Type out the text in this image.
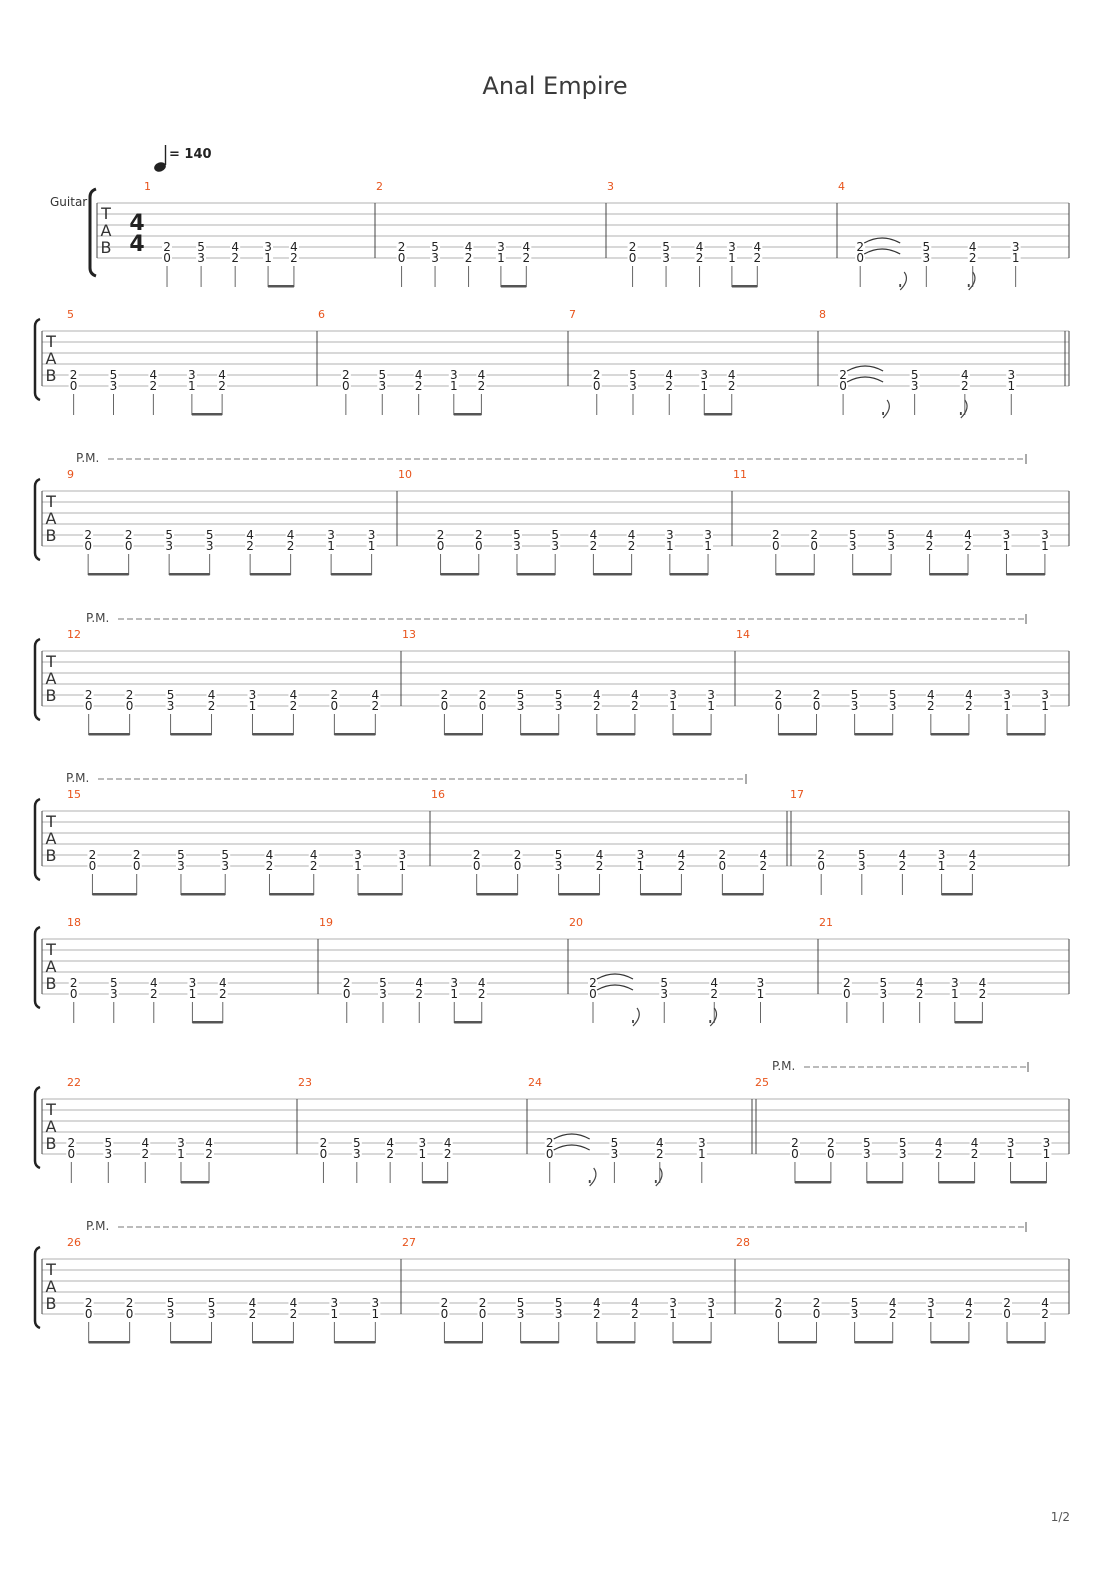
Anal Empire
= 140
Guitar
T
A
B
4
4
1
2
0
5
3
4
2
3
1
4
2
2
2
0
5
3
4
2
3
1
4
2
3
2
0
5
3
4
2
3
1
4
2
4
2
0
5
3
4
2
3
1
T
A
B
5
2
0
5
3
4
2
3
1
4
2
6
2
0
5
3
4
2
3
1
4
2
7
2
0
5
3
4
2
3
1
4
2
8
2
0
5
3
4
2
3
1
T
A
B
P.M.
9
2
0
2
0
5
3
5
3
4
2
4
2
3
1
3
1
10
2
0
2
0
5
3
5
3
4
2
4
2
3
1
3
1
11
2
0
2
0
5
3
5
3
4
2
4
2
3
1
3
1
T
A
B
P.M.
12
2
0
2
0
5
3
4
2
3
1
4
2
2
0
4
2
13
2
0
2
0
5
3
5
3
4
2
4
2
3
1
3
1
14
2
0
2
0
5
3
5
3
4
2
4
2
3
1
3
1
T
A
B
P.M.
15
2
0
2
0
5
3
5
3
4
2
4
2
3
1
3
1
16
2
0
2
0
5
3
4
2
3
1
4
2
2
0
4
2
17
2
0
5
3
4
2
3
1
4
2
T
A
B
18
2
0
5
3
4
2
3
1
4
2
19
2
0
5
3
4
2
3
1
4
2
20
2
0
5
3
4
2
3
1
21
2
0
5
3
4
2
3
1
4
2
T
A
B
P.M.
22
2
0
5
3
4
2
3
1
4
2
23
2
0
5
3
4
2
3
1
4
2
24
2
0
5
3
4
2
3
1
25
2
0
2
0
5
3
5
3
4
2
4
2
3
1
3
1
T
A
B
P.M.
26
2
0
2
0
5
3
5
3
4
2
4
2
3
1
3
1
27
2
0
2
0
5
3
5
3
4
2
4
2
3
1
3
1
28
2
0
2
0
5
3
4
2
3
1
4
2
2
0
4
2
1/2
